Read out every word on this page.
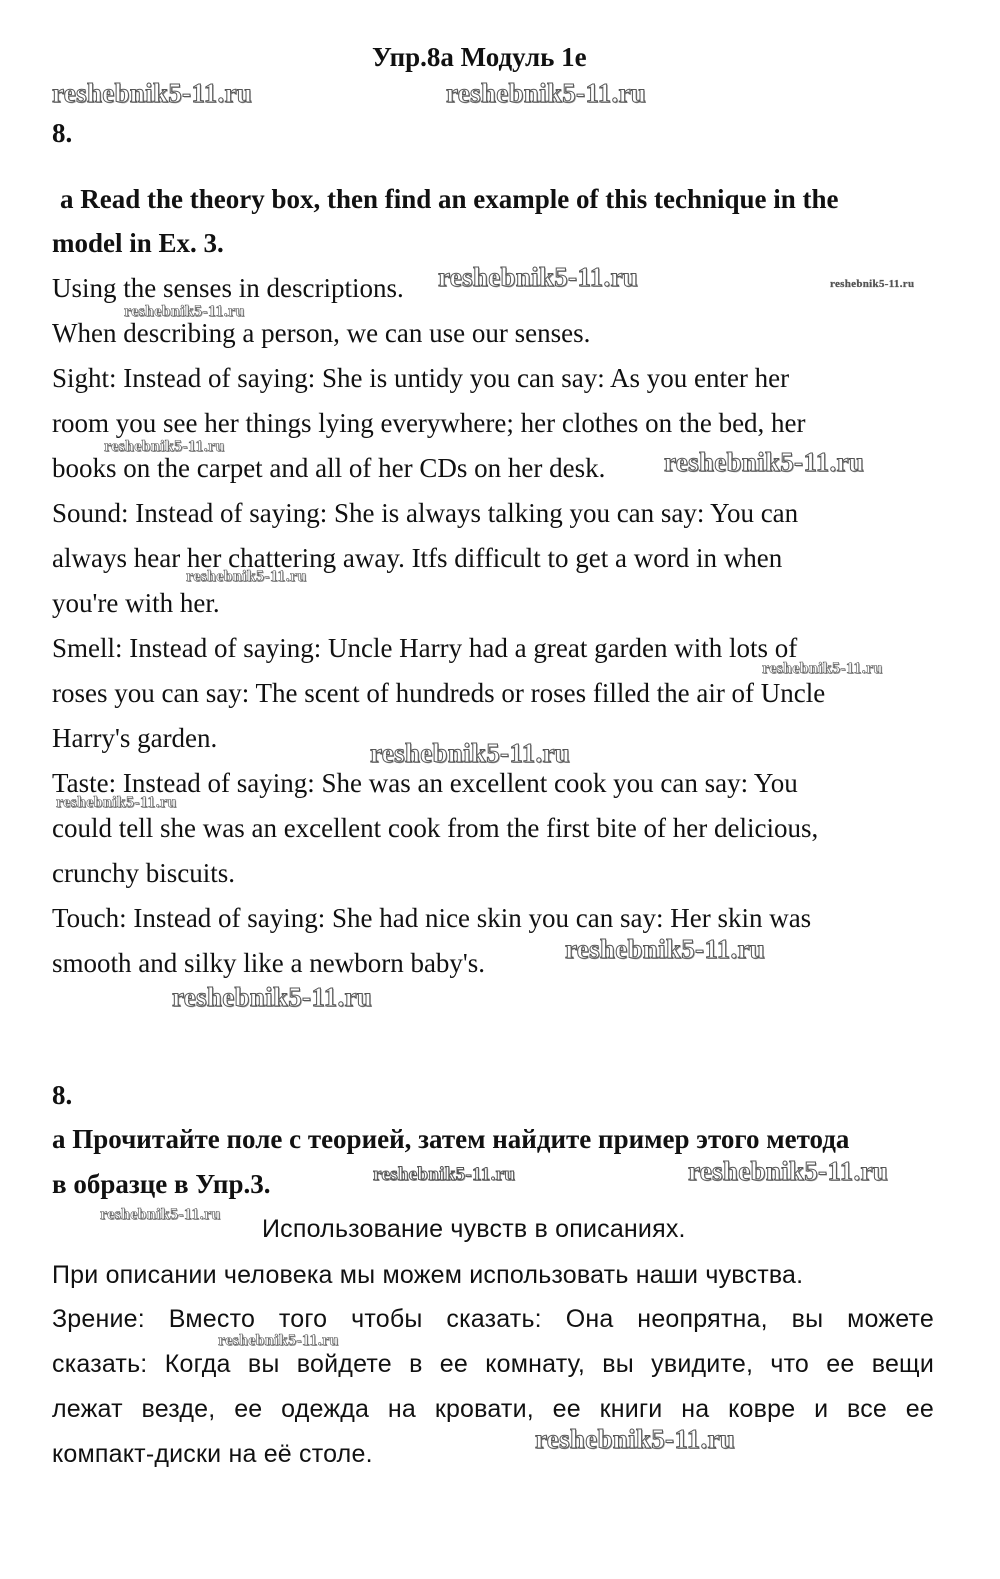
Упр.8а Модуль 1е
8.
a Read the theory box, then find an example of this technique in the
model in Ex. 3.
Using the senses in descriptions.
When describing a person, we can use our senses.
Sight: Instead of saying: She is untidy you can say: As you enter her
room you see her things lying everywhere; her clothes on the bed, her
books on the carpet and all of her CDs on her desk.
Sound: Instead of saying: She is always talking you can say: You can
always hear her chattering away. Itfs difficult to get a word in when
you're with her.
Smell: Instead of saying: Uncle Harry had a great garden with lots of
roses you can say: The scent of hundreds or roses filled the air of Uncle
Harry's garden.
Taste: Instead of saying: She was an excellent cook you can say: You
could tell she was an excellent cook from the first bite of her delicious,
crunchy biscuits.
Touch: Instead of saying: She had nice skin you can say: Her skin was
smooth and silky like a newborn baby's.
8.
а Прочитайте поле с теорией, затем найдите пример этого метода
в образце в Упр.3.
Использование чувств в описаниях.
При описании человека мы можем использовать наши чувства.
Зрение: Вместо того чтобы сказать: Она неопрятна, вы можете
сказать: Когда вы войдете в ее комнату, вы увидите, что ее вещи
лежат везде, ее одежда на кровати, ее книги на ковре и все ее
компакт-диски на её столе.
reshebnik5-11.ru	reshebnik5-11.ru
reshebnik5-11.ru	reshebnik5-11.ru
reshebnik5-11.ru
reshebnik5-11.ru
reshebnik5-11.ru
reshebnik5-11.ru
reshebnik5-11.ru
reshebnik5-11.ru
reshebnik5-11.ru
reshebnik5-11.ru
reshebnik5-11.ru
reshebnik5-11.ru	reshebnik5-11.ru
reshebnik5-11.ru
reshebnik5-11.ru
reshebnik5-11.ru
